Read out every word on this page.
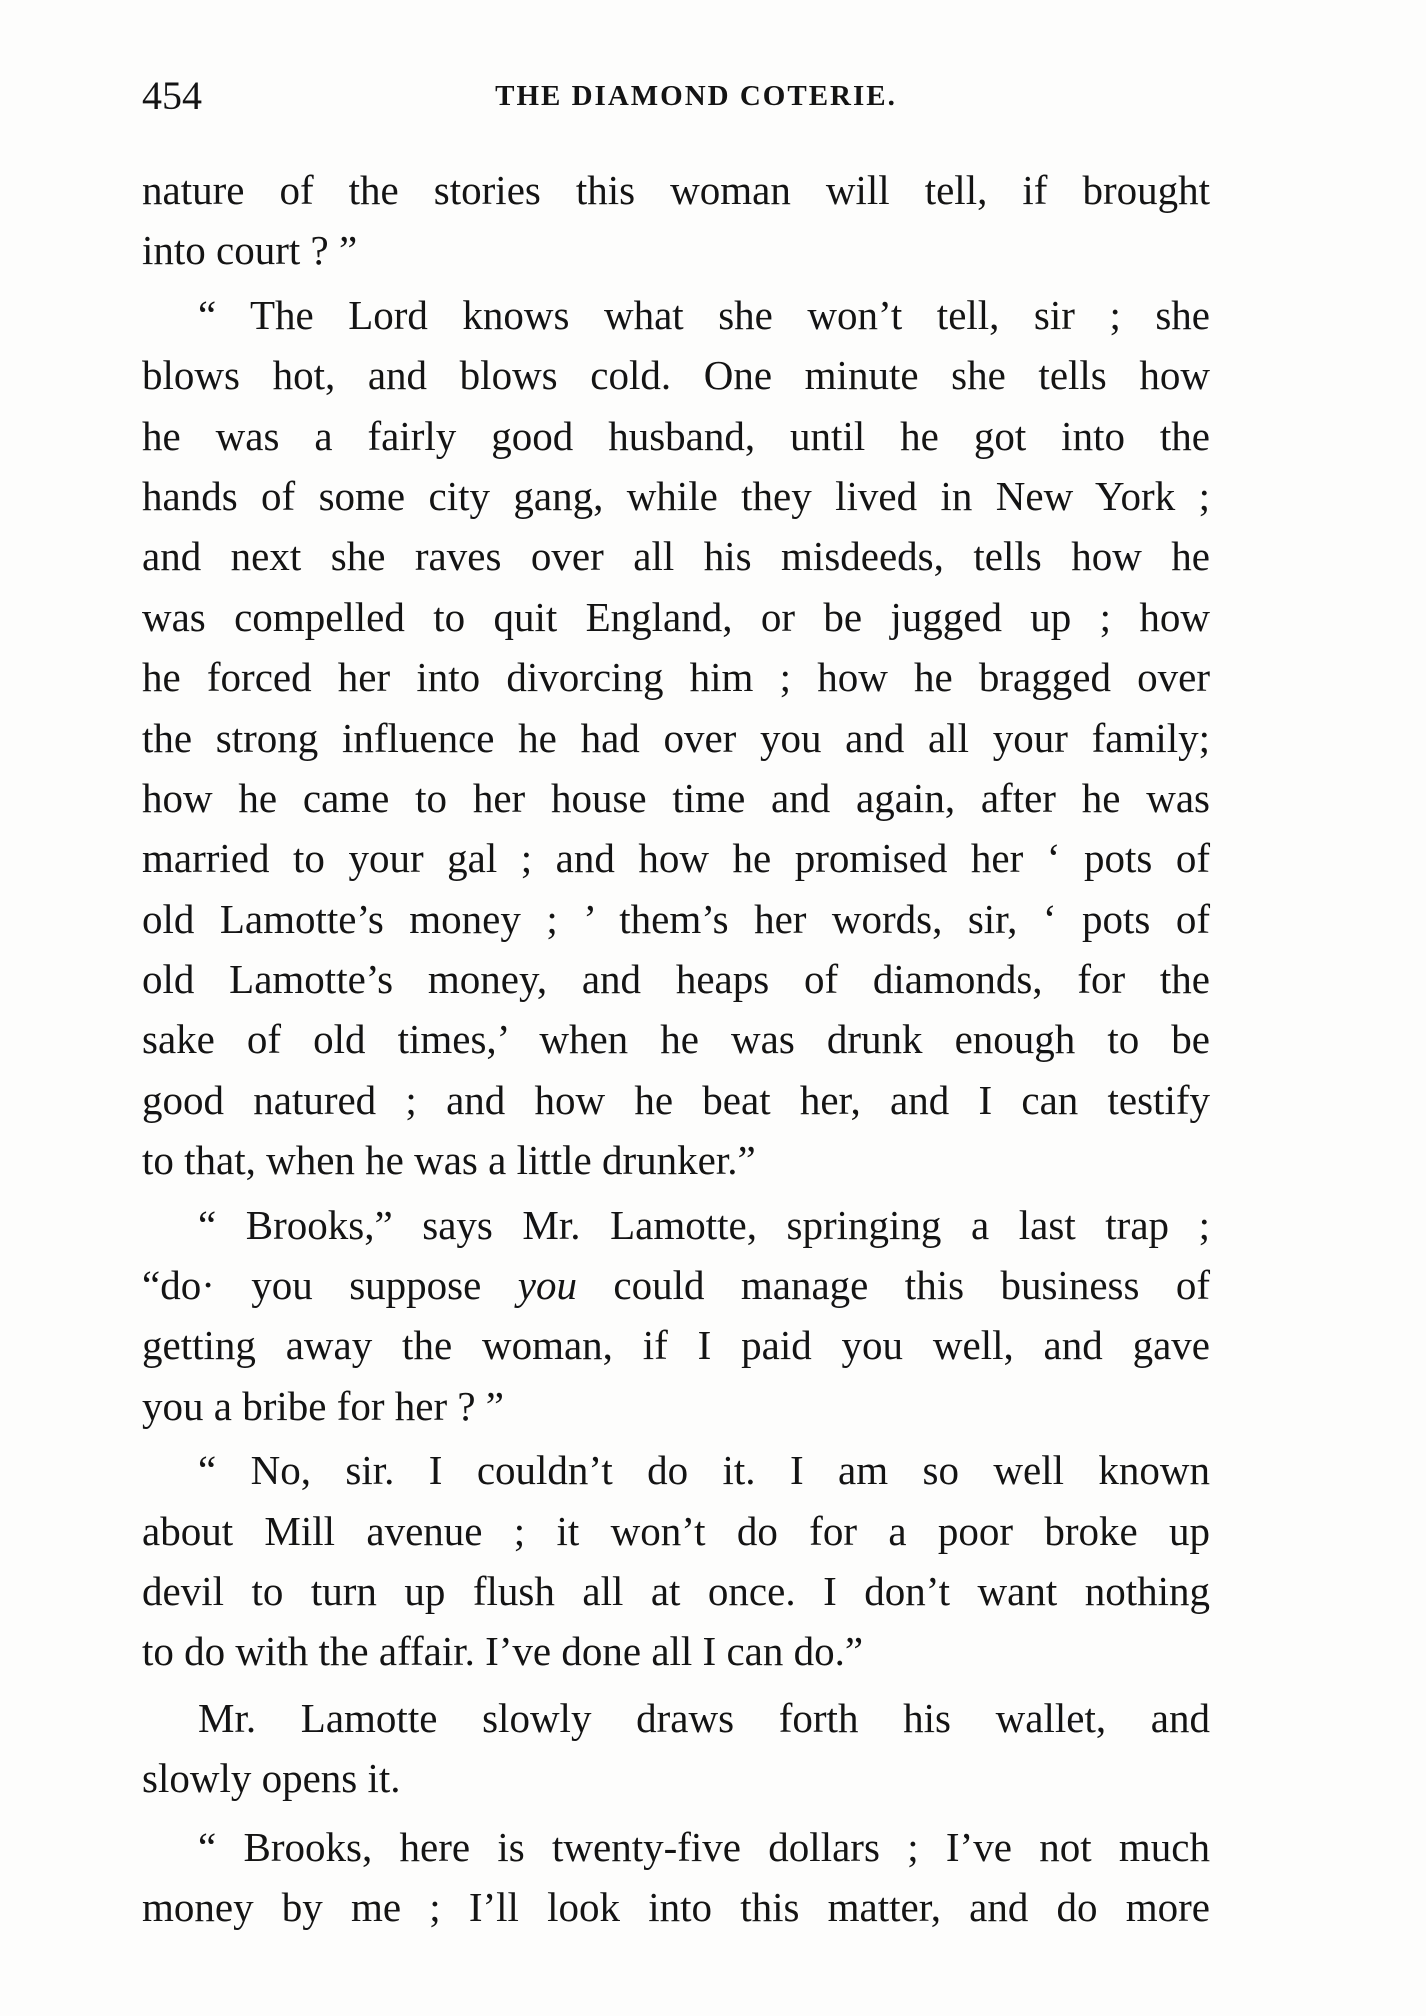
454	THE DIAMOND COTERIE.
nature of the stories this woman will tell, if brought
into court ? ”
“ The Lord knows what she won’t tell, sir ; she
blows hot, and blows cold. One minute she tells how
he was a fairly good husband, until he got into the
hands of some city gang, while they lived in New York ;
and next she raves over all his misdeeds, tells how he
was compelled to quit England, or be jugged up ; how
he forced her into divorcing him ; how he bragged over
the strong influence he had over you and all your family;
how he came to her house time and again, after he was
married to your gal ; and how he promised her ‘ pots of
old Lamotte’s money ; ’ them’s her words, sir, ‘ pots of
old Lamotte’s money, and heaps of diamonds, for the
sake of old times,’ when he was drunk enough to be
good natured ; and how he beat her, and I can testify
to that, when he was a little drunker.”
“ Brooks,” says Mr. Lamotte, springing a last trap ;
“do· you suppose you could manage this business of
getting away the woman, if I paid you well, and gave
you a bribe for her ? ”
“ No, sir. I couldn’t do it. I am so well known
about Mill avenue ; it won’t do for a poor broke up
devil to turn up flush all at once. I don’t want nothing
to do with the affair. I’ve done all I can do.”
Mr. Lamotte slowly draws forth his wallet, and
slowly opens it.
“ Brooks, here is twenty-five dollars ; I’ve not much
money by me ; I’ll look into this matter, and do more
